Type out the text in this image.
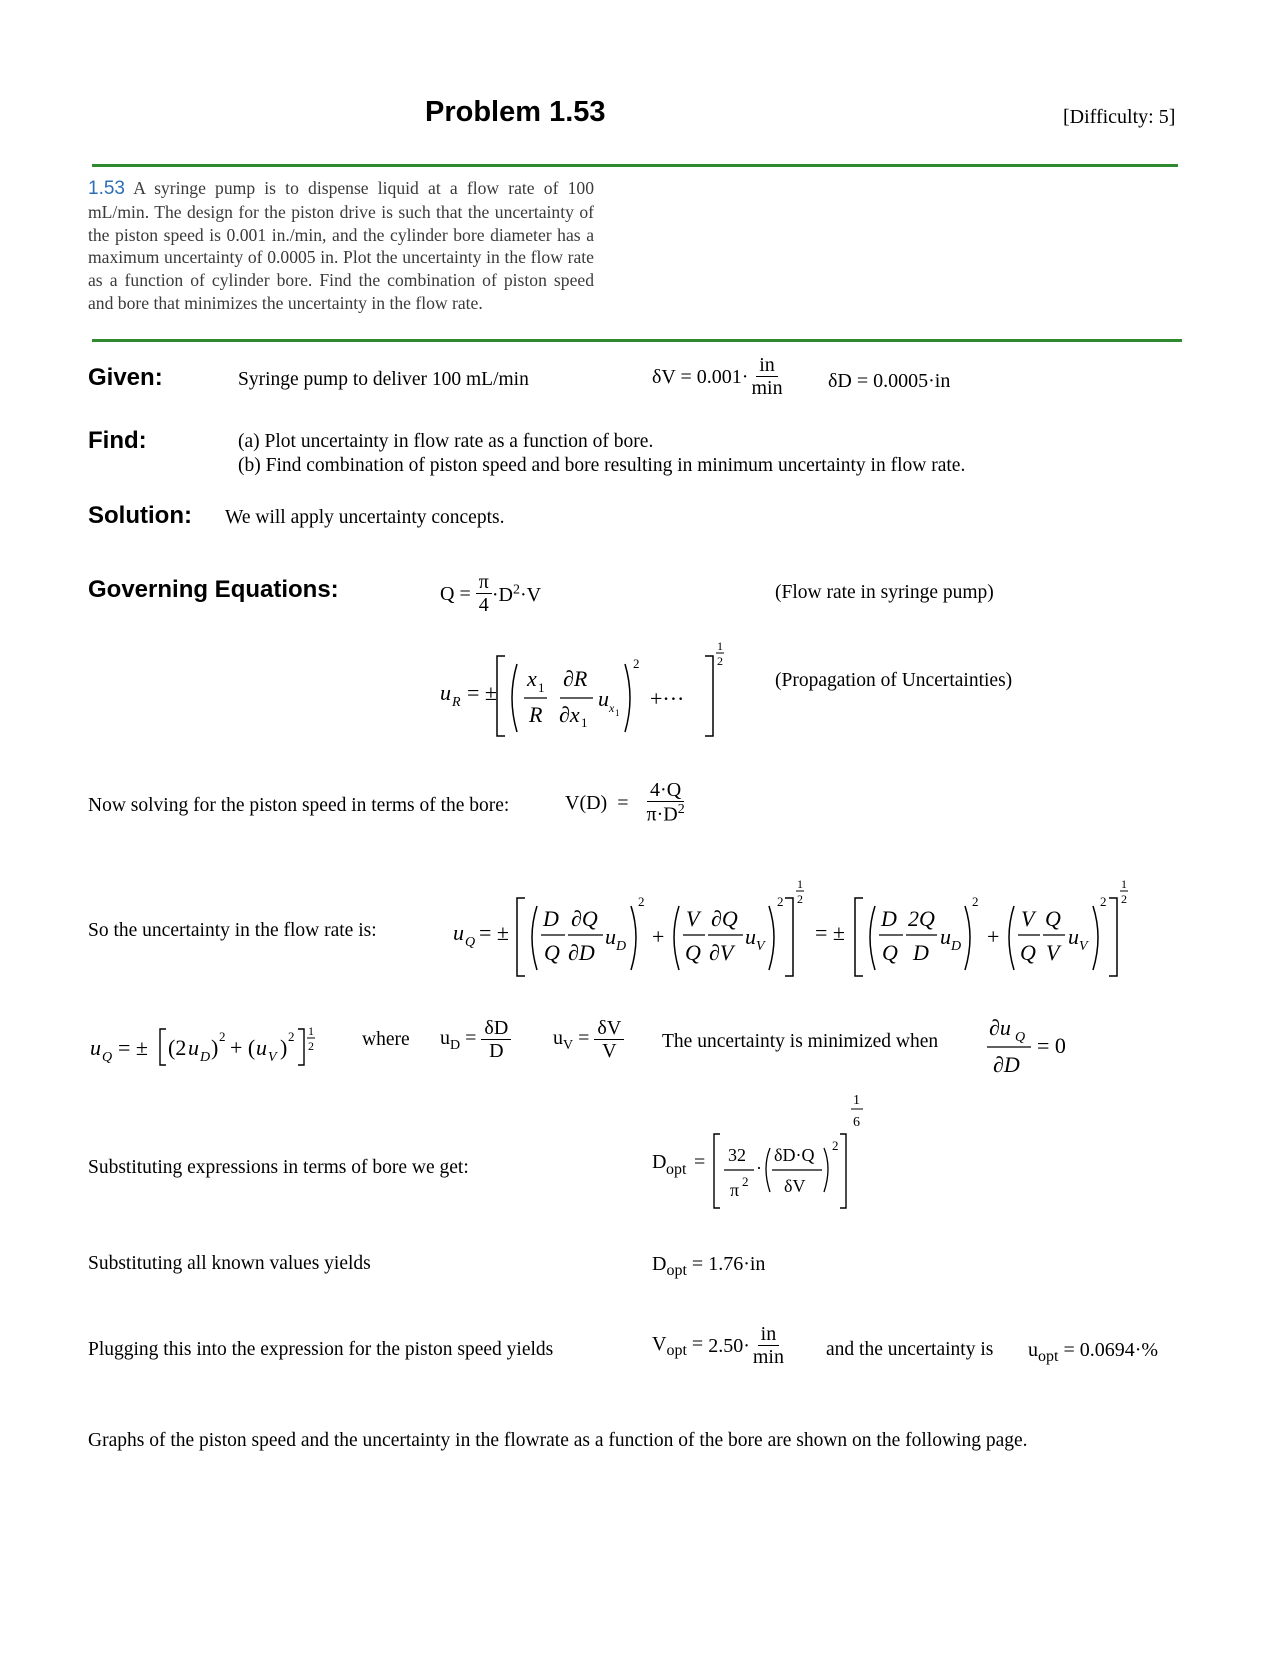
Problem 1.53	[Difficulty: 5]
1.53 A syringe pump is to dispense liquid at a flow rate of 100 mL/min. The design for the piston drive is such that the uncertainty of the piston speed is 0.001 in./min, and the cylinder bore diameter has a maximum uncertainty of 0.0005 in. Plot the uncertainty in the flow rate as a function of cylinder bore. Find the combination of piston speed and bore that minimizes the uncertainty in the flow rate.
Given:	Syringe pump to deliver 100 mL/min	$\delta V = 0.001\cdot \frac{in}{\min}$ δD = 0.0005·in
Find:	(a) Plot uncertainty in flow rate as a function of bore.
(b) Find combination of piston speed and bore resulting in minimum uncertainty in flow rate.
Solution: We will apply uncertainty concepts.
Governing Equations:	$Q = \frac{\pi}{4} \cdot D^2\cdot V$	(Flow rate in syringe pump)
u R = ±
x 1
R
∂R
∂x 1
u x 1
2
+···
1
2
(Propagation of Uncertainties)
Now solving for the piston speed in terms of the bore:	$V(D) = \frac{4\cdot Q}{\pi\cdot D^2}$
So the uncertainty in the flow rate is:	u Q = ±
D
Q
∂Q
∂D
u D
2
+
V
Q
∂Q
∂V
u V
2
1
2
= ±
D
Q
2Q
D
u D
2
+
V
Q
Q
V
u V
2
1
2
u Q = ± (2 u D ) 2 + ( u V ) 2 1
2 where $u_D = \frac{\delta D}{D} u_V = \frac{\delta V}{V}$ The uncertainty is minimized when
∂u Q
∂D
= 0
Substituting expressions in terms of bore we get:	D opt = 32
π 2
·
δD·Q
δV
2
1
6
Substituting all known values yields	$D_{opt} = 1.76\cdot in$
Plugging this into the expression for the piston speed yields	$V_{opt} = 2.50\cdot \frac{in}{\min}$ and the uncertainty is $u_{opt} = 0.0694\cdot\%$
Graphs of the piston speed and the uncertainty in the flowrate as a function of the bore are shown on the following page.
